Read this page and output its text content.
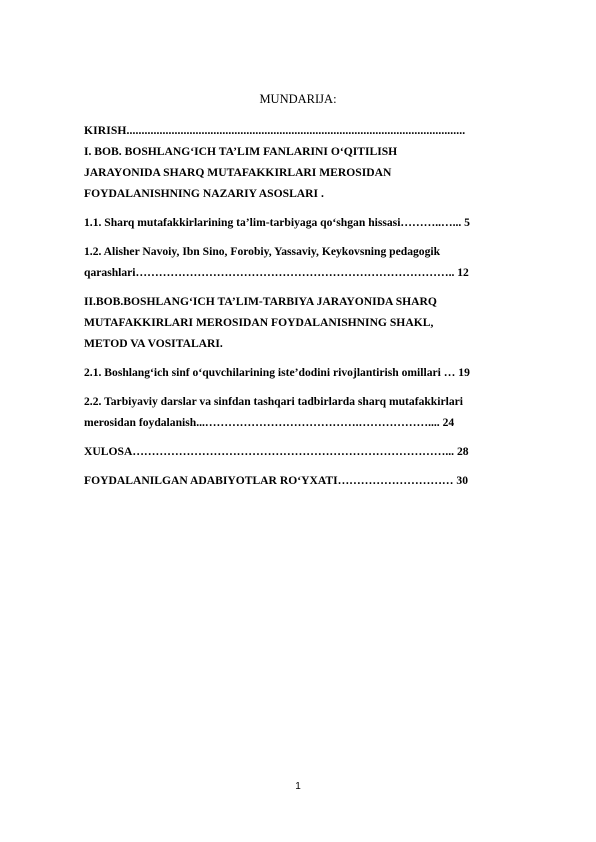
MUNDARIJA:
KIRISH.................................................................................................................
I. BOB. BOSHLANG‘ICH TA’LIM FANLARINI O‘QITILISH
JARAYONIDA SHARQ MUTAFAKKIRLARI MEROSIDAN
FOYDALANISHNING NAZARIY ASOSLARI .
1.1. Sharq mutafakkirlarining ta’lim-tarbiyaga qo‘shgan hissasi………..…... 5
1.2. Alisher Navoiy, Ibn Sino, Forobiy, Yassaviy, Keykovsning pedagogik
qarashlari……………………………………………………………………….. 12
II.BOB.BOSHLANG‘ICH TA’LIM-TARBIYA JARAYONIDA SHARQ
MUTAFAKKIRLARI MEROSIDAN FOYDALANISHNING SHAKL,
METOD VA VOSITALARI.
2.1. Boshlang‘ich sinf o‘quvchilarining iste’dodini rivojlantirish omillari … 19
2.2. Tarbiyaviy darslar va sinfdan tashqari tadbirlarda sharq mutafakkirlari
merosidan foydalanish...………………………………….……………….... 24
XULOSA………………………………………………………………………... 28
FOYDALANILGAN ADABIYOTLAR RO‘YXATI………………………… 30
1
